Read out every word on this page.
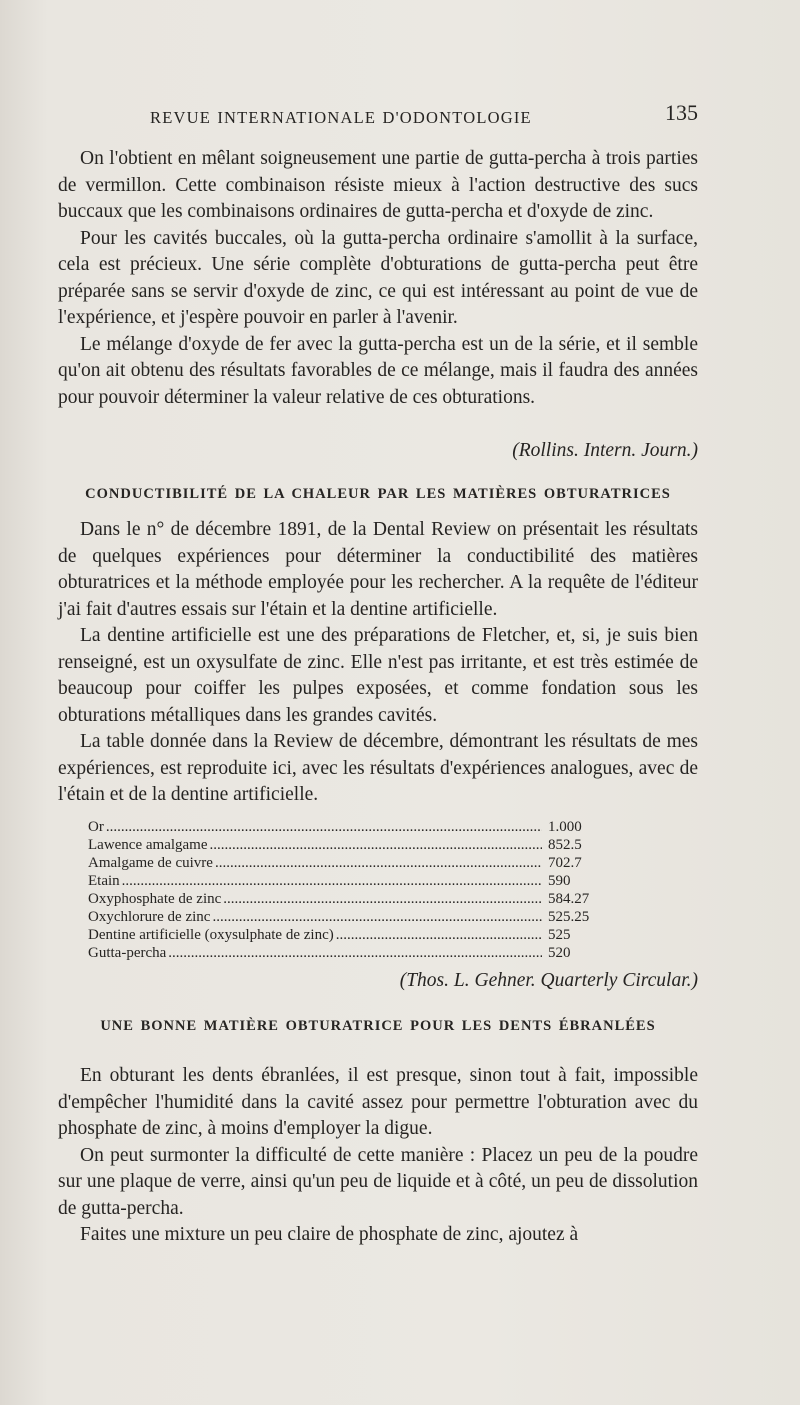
REVUE INTERNATIONALE D'ODONTOLOGIE	135

On l'obtient en mêlant soigneusement une partie de gutta-percha à trois parties de vermillon. Cette combinaison résiste mieux à l'action destructive des sucs buccaux que les combinaisons ordinaires de gutta-percha et d'oxyde de zinc.

Pour les cavités buccales, où la gutta-percha ordinaire s'amollit à la surface, cela est précieux. Une série complète d'obturations de gutta-percha peut être préparée sans se servir d'oxyde de zinc, ce qui est intéressant au point de vue de l'expérience, et j'espère pouvoir en parler à l'avenir.

Le mélange d'oxyde de fer avec la gutta-percha est un de la série, et il semble qu'on ait obtenu des résultats favorables de ce mélange, mais il faudra des années pour pouvoir déterminer la valeur relative de ces obturations.

(Rollins. Intern. Journ.)
CONDUCTIBILITÉ DE LA CHALEUR PAR LES MATIÈRES OBTURATRICES

Dans le n° de décembre 1891, de la Dental Review on présentait les résultats de quelques expériences pour déterminer la conductibilité des matières obturatrices et la méthode employée pour les rechercher. A la requête de l'éditeur j'ai fait d'autres essais sur l'étain et la dentine artificielle.

La dentine artificielle est une des préparations de Fletcher, et, si, je suis bien renseigné, est un oxysulfate de zinc. Elle n'est pas irritante, et est très estimée de beaucoup pour coiffer les pulpes exposées, et comme fondation sous les obturations métalliques dans les grandes cavités.

La table donnée dans la Review de décembre, démontrant les résultats de mes expériences, est reproduite ici, avec les résultats d'expériences analogues, avec de l'étain et de la dentine artificielle.

Or .....	1.000
Lawence amalgame .....	852.5
Amalgame de cuivre .....	702.7
Etain .....	590
Oxyphosphate de zinc .....	584.27
Oxychlorure de zinc .....	525.25
Dentine artificielle (oxysulphate de zinc) .....	525
Gutta-percha .....	520
(Thos. L. Gehner. Quarterly Circular.)
UNE BONNE MATIÈRE OBTURATRICE POUR LES DENTS ÉBRANLÉES

En obturant les dents ébranlées, il est presque, sinon tout à fait, impossible d'empêcher l'humidité dans la cavité assez pour permettre l'obturation avec du phosphate de zinc, à moins d'employer la digue.

On peut surmonter la difficulté de cette manière : Placez un peu de la poudre sur une plaque de verre, ainsi qu'un peu de liquide et à côté, un peu de dissolution de gutta-percha.

Faites une mixture un peu claire de phosphate de zinc, ajoutez à
